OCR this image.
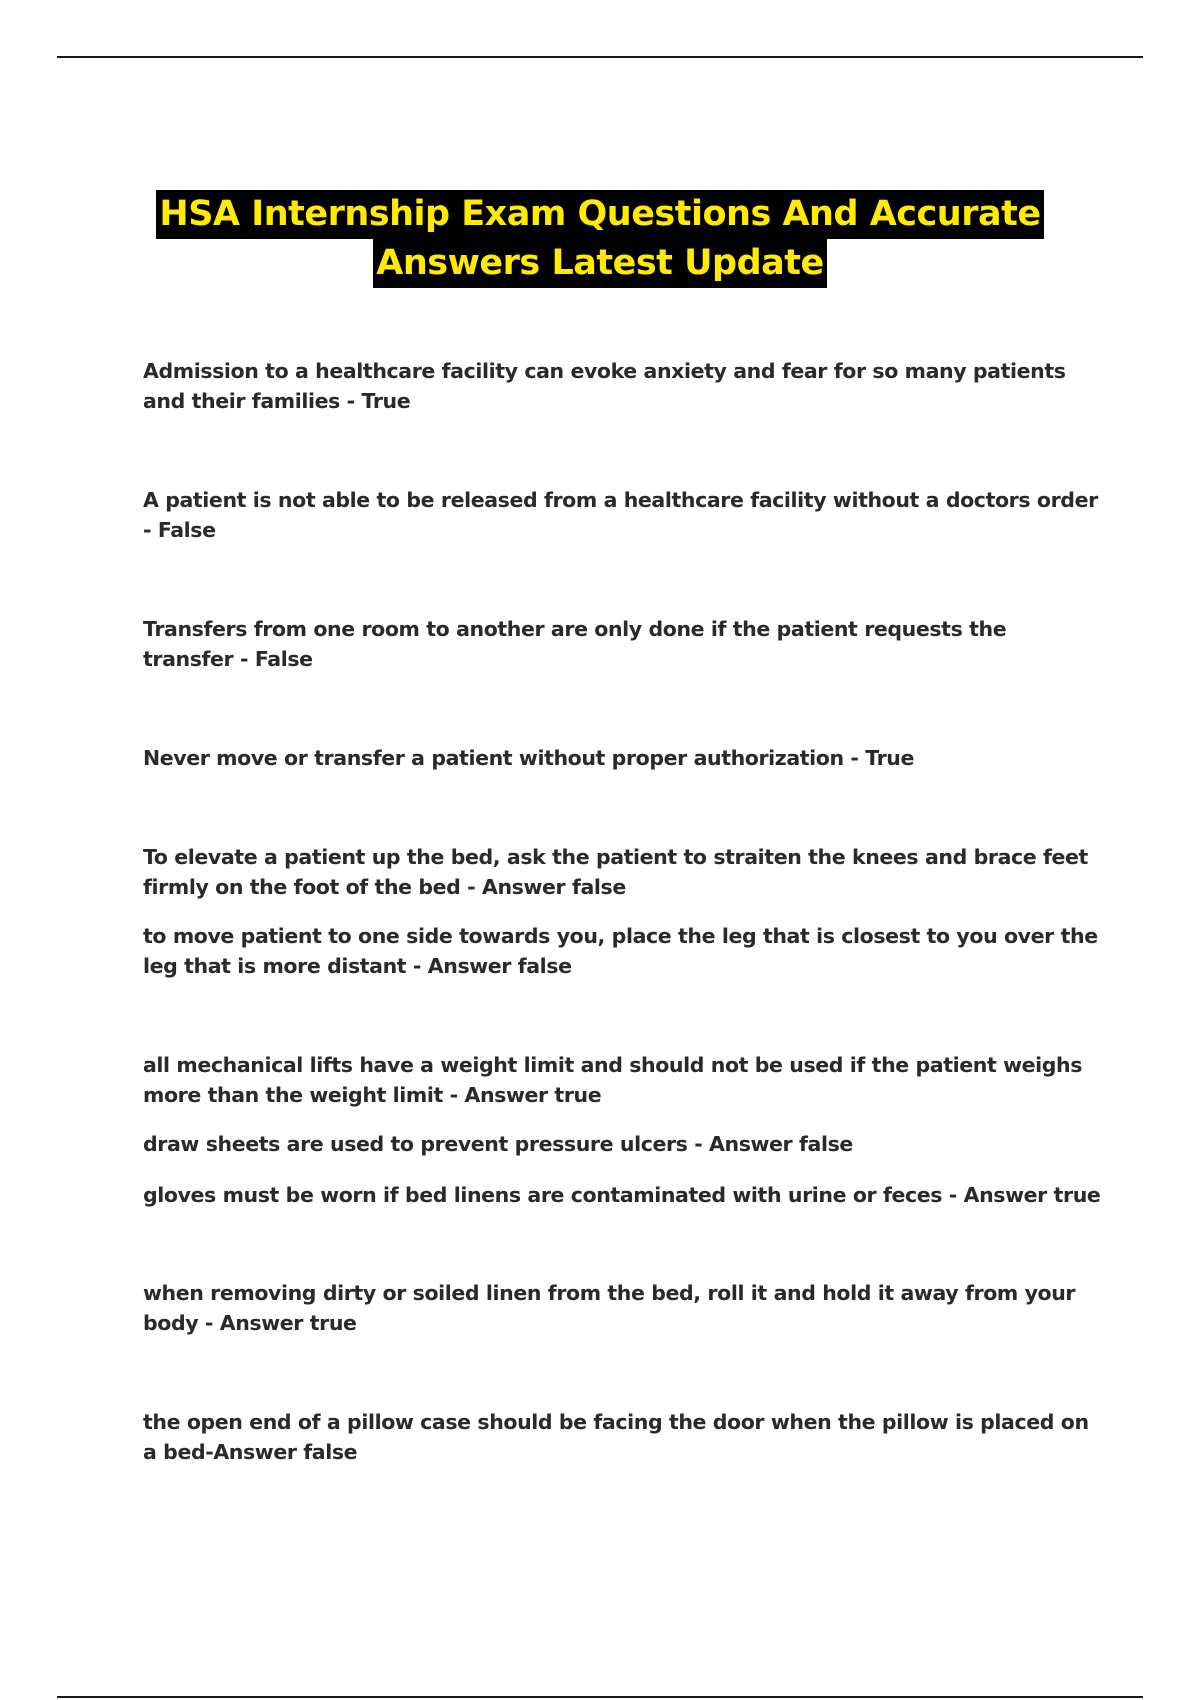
HSA Internship Exam Questions And Accurate
Answers Latest Update

Admission to a healthcare facility can evoke anxiety and fear for so many patients and their families - True

A patient is not able to be released from a healthcare facility without a doctors order - False

Transfers from one room to another are only done if the patient requests the transfer - False

Never move or transfer a patient without proper authorization - True

To elevate a patient up the bed, ask the patient to straiten the knees and brace feet firmly on the foot of the bed - Answer false

to move patient to one side towards you, place the leg that is closest to you over the leg that is more distant - Answer false

all mechanical lifts have a weight limit and should not be used if the patient weighs more than the weight limit - Answer true

draw sheets are used to prevent pressure ulcers - Answer false

gloves must be worn if bed linens are contaminated with urine or feces - Answer true

when removing dirty or soiled linen from the bed, roll it and hold it away from your body - Answer true

the open end of a pillow case should be facing the door when the pillow is placed on a bed-Answer false
